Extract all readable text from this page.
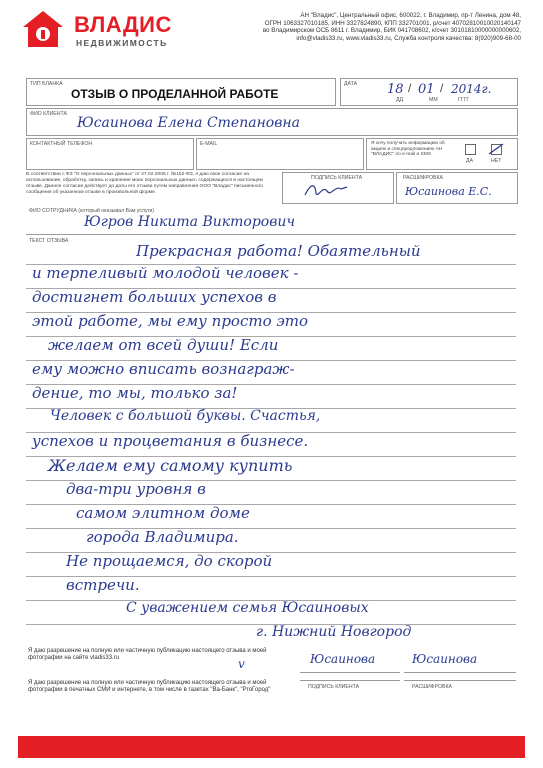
ВЛАДИС
НЕДВИЖИМОСТЬ
АН "Владис", Центральный офис, 600022, г. Владимир, пр-т Ленина, дом 48,
ОГРН 1063327010185, ИНН 3327824890, КПП 332701001, р/счет 40702810010020140147
во Владимирском ОСБ 8611 г. Владимир, БИК 041708602, к/счет 30101810000000000602,
info@vladis33.ru, www.vladis33.ru, Служба контроля качества: 8(920)909-68-00
ТИП БЛАНКА
ОТЗЫВ О ПРОДЕЛАННОЙ РАБОТЕ
ДАТА 18 / 01 / 2014г.
ДД	ММ	ГГГГ
ФИО КЛИЕНТА
Юсаинова Елена Степановна
КОНТАКТНЫЙ ТЕЛЕФОН	E-MAIL	Я хочу получать информацию об акциях и спецпредложениях АН "ВЛАДИС" по e-mail и SMS
ДА	НЕТ
В соответствии с ФЗ "О персональных данных" от 27.02.2006 г. №152-ФЗ, я даю свое согласие на использование, обработку, запись и хранение моих персональных данных, содержащихся в настоящем отзыве. Данное согласие действует до даты его отзыва путем направления ООО "Владис" письменного сообщения об указанном отзыве в произвольной форме.
ПОДПИСЬ КЛИЕНТА	РАСШИФРОВКА
Юсаинова Е.С.
ФИО СОТРУДНИКА (который оказывал Вам услуги)
Югров Никита Викторович
ТЕКСТ ОТЗЫВА
Прекрасная работа! Обаятельный
и терпеливый молодой человек -
достигнет больших успехов в
этой работе, мы ему просто это
желаем от всей души! Если
ему можно вписать вознаграж-
дение, то мы, только за!
Человек с большой буквы. Счастья,
успехов и процветания в бизнесе.
Желаем ему самому купить
два-три уровня в
самом элитном доме
города Владимира.
Не прощаемся, до скорой
встречи.
С уважением семья Юсаиновых
г. Нижний Новгород
Я даю разрешение на полную или частичную публикацию настоящего отзыва и моей фотографии на сайте vladis33.ru	v	Юсаинова	Юсаинова
Я даю разрешение на полную или частичную публикацию настоящего отзыва и моей фотографии в печатных СМИ и интернете, в том числе в газетах "Ва-Банк", "РгоГород"
ПОДПИСЬ КЛИЕНТА	РАСШИФРОВКА
